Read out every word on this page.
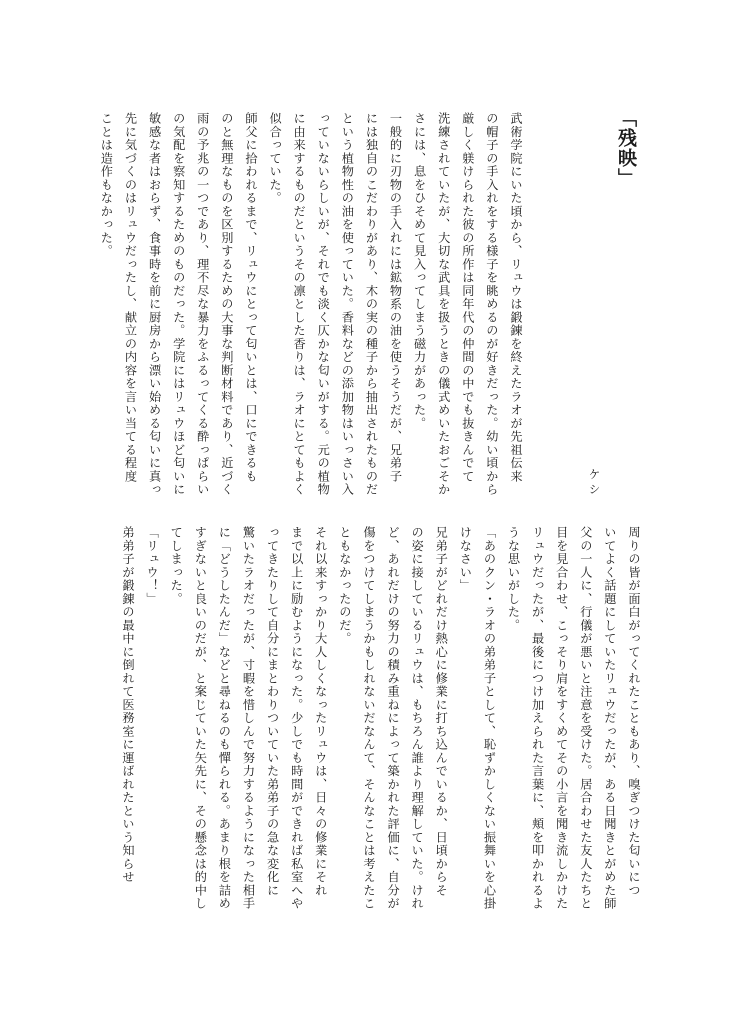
「残映」
ケシ
武術学院にいた頃から、リュウは鍛錬を終えたラオが先祖伝来
の帽子の手入れをする様子を眺めるのが好きだった。幼い頃から
厳しく躾けられた彼の所作は同年代の仲間の中でも抜きんでて
洗練されていたが、大切な武具を扱うときの儀式めいたおごそか
さには、息をひそめて見入ってしまう磁力があった。
一般的に刃物の手入れには鉱物系の油を使うそうだが、兄弟子
には独自のこだわりがあり、木の実の種子から抽出されたものだ
という植物性の油を使っていた。香料などの添加物はいっさい入
っていないらしいが、それでも淡く仄かな匂いがする。元の植物
に由来するものだというその凛とした香りは、ラオにとてもよく
似合っていた。
師父に拾われるまで、リュウにとって匂いとは、口にできるも
のと無理なものを区別するための大事な判断材料であり、近づく
雨の予兆の一つであり、理不尽な暴力をふるってくる酔っぱらい
の気配を察知するためのものだった。学院にはリュウほど匂いに
敏感な者はおらず、食事時を前に厨房から漂い始める匂いに真っ
先に気づくのはリュウだったし、献立の内容を言い当てる程度
ことは造作もなかった。
周りの皆が面白がってくれたこともあり、嗅ぎつけた匂いにつ
いてよく話題にしていたリュウだったが、ある日聞きとがめた師
父の一人に、行儀が悪いと注意を受けた。居合わせた友人たちと
目を見合わせ、こっそり肩をすくめてその小言を聞き流しかけた
リュウだったが、最後につけ加えられた言葉に、頬を叩かれるよ
うな思いがした。
「あのクン・ラオの弟弟子として、恥ずかしくない振舞いを心掛
けなさい」
兄弟子がどれだけ熱心に修業に打ち込んでいるか、日頃からそ
の姿に接しているリュウは、もちろん誰より理解していた。けれ
ど、あれだけの努力の積み重ねによって築かれた評価に、自分が
傷をつけてしまうかもしれないだなんて、そんなことは考えたこ
ともなかったのだ。
それ以来すっかり大人しくなったリュウは、日々の修業にそれ
まで以上に励むようになった。少しでも時間ができれば私室へや
ってきたりして自分にまとわりついていた弟弟子の急な変化に
驚いたラオだったが、寸暇を惜しんで努力するようになった相手
に「どうしたんだ」などと尋ねるのも憚られる。あまり根を詰め
すぎないと良いのだが、と案じていた矢先に、その懸念は的中し
てしまった。
「リュウ！」
弟弟子が鍛錬の最中に倒れて医務室に運ばれたという知らせ
